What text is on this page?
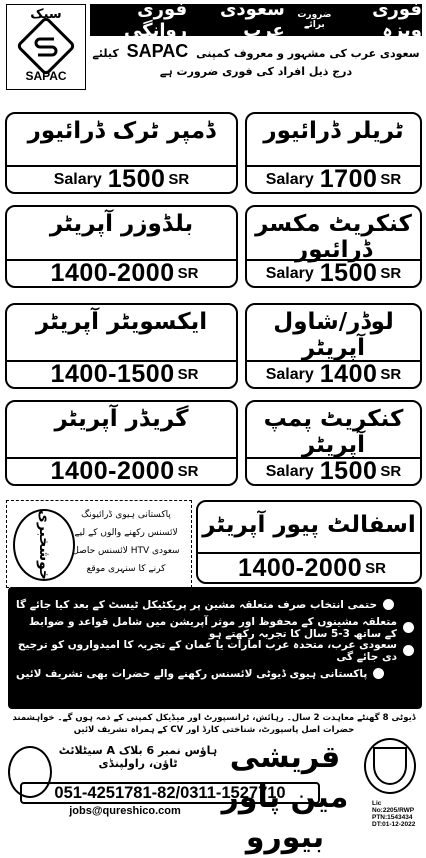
سبک
SAPAC
فوری ویزہ
ضرورت برائے
سعودی عرب
فوری روانگی
سعودی عرب کی مشہور و معروف کمپنی SAPAC کیلئے درج ذیل افراد کی فوری ضرورت ہے
ٹریلر ڈرائیور
Salary 1700 SR
ڈمپر ٹرک ڈرائیور
Salary 1500 SR
کنکریٹ مکسر ڈرائیور
Salary 1500 SR
بلڈوزر آپریٹر
1400-2000 SR
لوڈر/شاول آپریٹر
Salary 1400 SR
ایکسویٹر آپریٹر
1400-1500 SR
کنکریٹ پمپ آپریٹر
Salary 1500 SR
گریڈر آپریٹر
1400-2000 SR
اسفالٹ پیور آپریٹر
1400-2000 SR
خوشخبری	پاکستانی ہیوی ڈرائیونگ لائسنس رکھنے والوں کے لیے سعودی HTV لائسنس حاصل کرنے کا سنہری موقع
حتمی انتخاب صرف متعلقہ مشین پر پریکٹیکل ٹیسٹ کے بعد کیا جائے گا
متعلقہ مشینوں کے محفوظ اور موثر آپریشن میں شامل قواعد و ضوابط کے ساتھ 3-5 سال کا تجربہ رکھتے ہو
سعودی عرب، متحدہ عرب امارات یا عمان کے تجربہ کا امیدواروں کو ترجیح دی جائے گی
پاکستانی ہیوی ڈیوٹی لائسنس رکھنے والے حضرات بھی تشریف لائیں
ڈیوٹی 8 گھنٹے معاہدت 2 سال۔ رہائش، ٹرانسپورٹ اور میڈیکل کمپنی کے ذمہ ہوں گے۔ خواہشمند حضرات اصل پاسپورٹ، شناختی کارڈ اور CV کے ہمراہ تشریف لائیں
قریشی مین پاور بیورو
ہاؤس نمبر 6 بلاک A سیٹلائٹ ٹاؤن، راولپنڈی
051-4251781-82/0311-1527710
jobs@qureshico.com
Lic No:2205/RWP
PTN:1543434
DT:01-12-2022
